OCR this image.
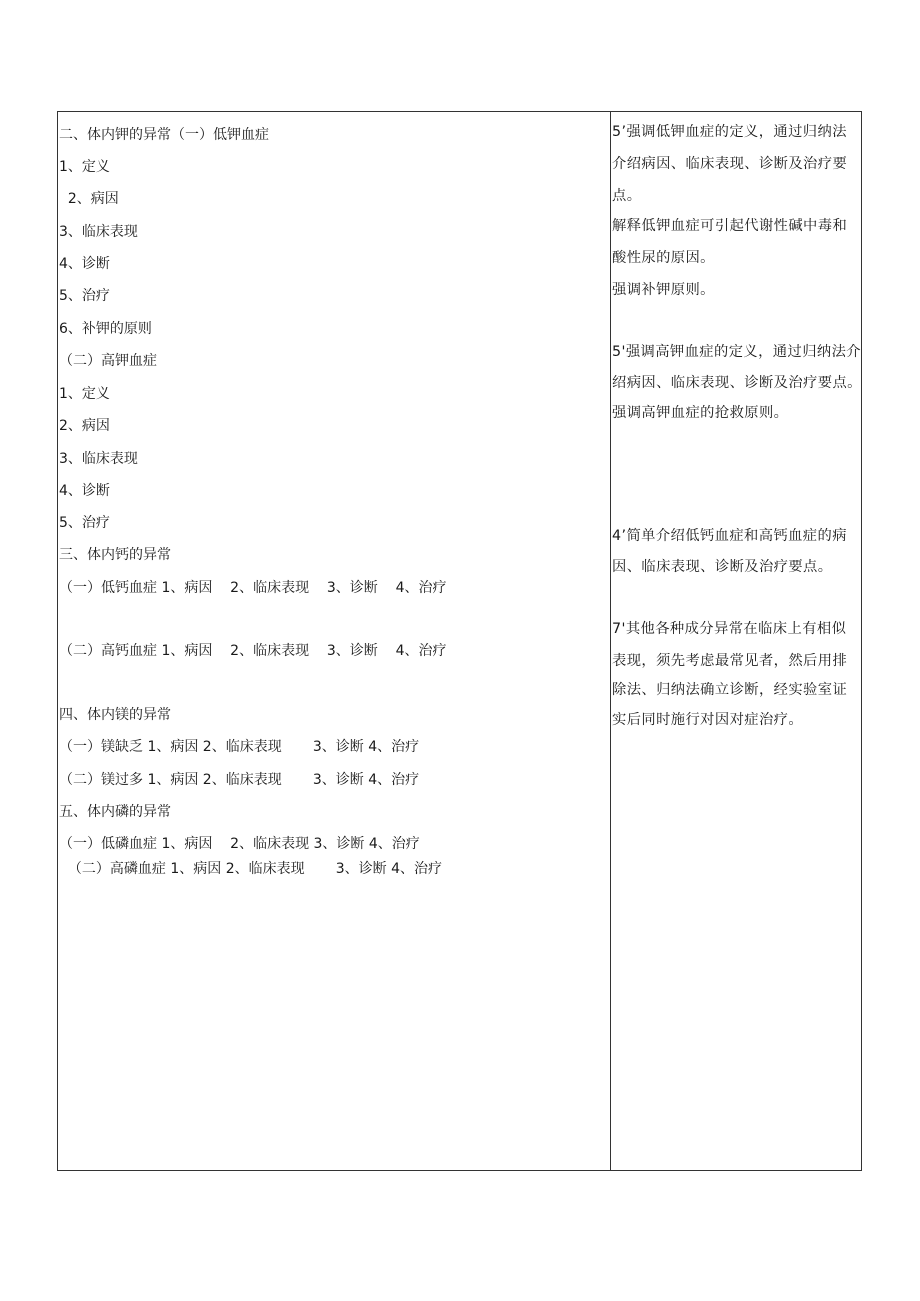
二、体内钾的异常（一）低钾血症
1、定义
2、病因
3、临床表现
4、诊断
5、治疗
6、补钾的原则
（二）高钾血症
1、定义
2、病因
3、临床表现
4、诊断
5、治疗
三、体内钙的异常
（一）低钙血症 1、病因    2、临床表现    3、诊断    4、治疗
（二）高钙血症 1、病因    2、临床表现    3、诊断    4、治疗
四、体内镁的异常
（一）镁缺乏 1、病因 2、临床表现       3、诊断 4、治疗
（二）镁过多 1、病因 2、临床表现       3、诊断 4、治疗
五、体内磷的异常
（一）低磷血症 1、病因    2、临床表现 3、诊断 4、治疗
（二）高磷血症 1、病因 2、临床表现       3、诊断 4、治疗
5’强调低钾血症的定义，通过归纳法
介绍病因、临床表现、诊断及治疗要
点。
解释低钾血症可引起代谢性碱中毒和
酸性尿的原因。
强调补钾原则。
5'强调高钾血症的定义，通过归纳法介
绍病因、临床表现、诊断及治疗要点。
强调高钾血症的抢救原则。
4’简单介绍低钙血症和高钙血症的病
因、临床表现、诊断及治疗要点。
7'其他各种成分异常在临床上有相似
表现，须先考虑最常见者，然后用排
除法、归纳法确立诊断，经实验室证
实后同时施行对因对症治疗。
